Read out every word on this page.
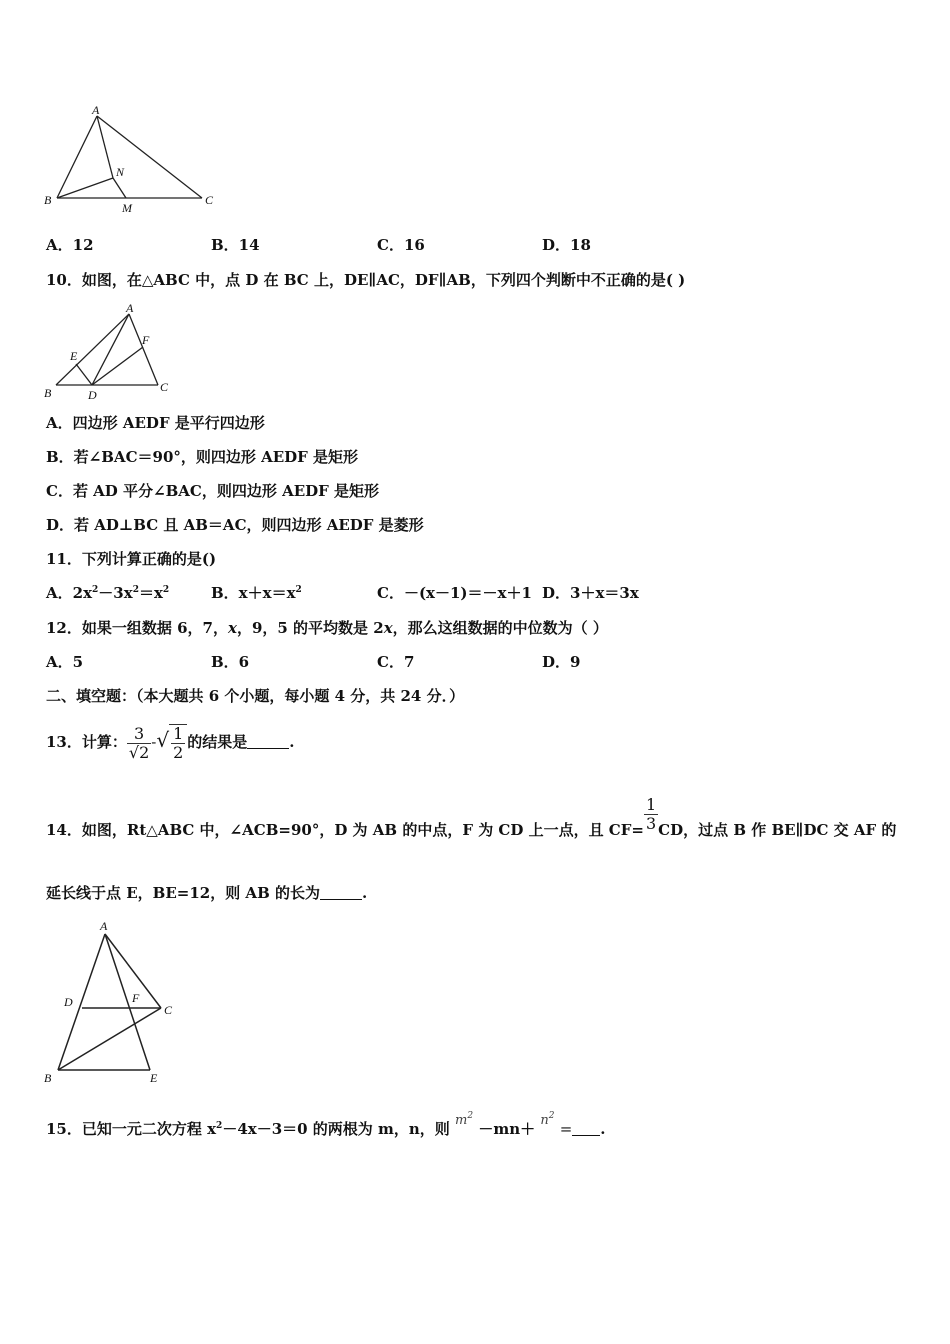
A
B	C
M
N
A．12	B．14	C．16	D．18
10．如图，在△ABC 中，点 D 在 BC 上，DE∥AC，DF∥AB，下列四个判断中不正确的是( )
A
B	C
D
E
F
A．四边形 AEDF 是平行四边形
B．若∠BAC＝90°，则四边形 AEDF 是矩形
C．若 AD 平分∠BAC，则四边形 AEDF 是矩形
D．若 AD⊥BC 且 AB＝AC，则四边形 AEDF 是菱形
11．下列计算正确的是()
A．$2x^2-3x^2=x^2$	B．$x+x=x^2$	C．－(x－1)＝－x＋1 D．3＋x＝3x
12．如果一组数据 6，7，x，9，5 的平均数是 2x，那么这组数据的中位数为（ ）
A．5	B．6	C．7	D．9
二、填空题：（本大题共 6 个小题，每小题 4 分，共 24 分．）
13．计算： $\frac{3}{√2}$ -√ $\frac{1}{2}$ 的结果是	.
14．如图，Rt△ABC 中，∠ACB=90°，D 为 AB 的中点，F 为 CD 上一点，且 $CF= \frac{1}{3}$ CD，过点 B 作 BE∥DC 交 AF 的
延长线于点 E，BE=12，则 AB 的长为	.
A
B
C
D
E
F
15．已知一元二次方程 $x^2-4x-3=0$ 的两根为 m，n，则 $m^2 -mn+ n^2$ = .
